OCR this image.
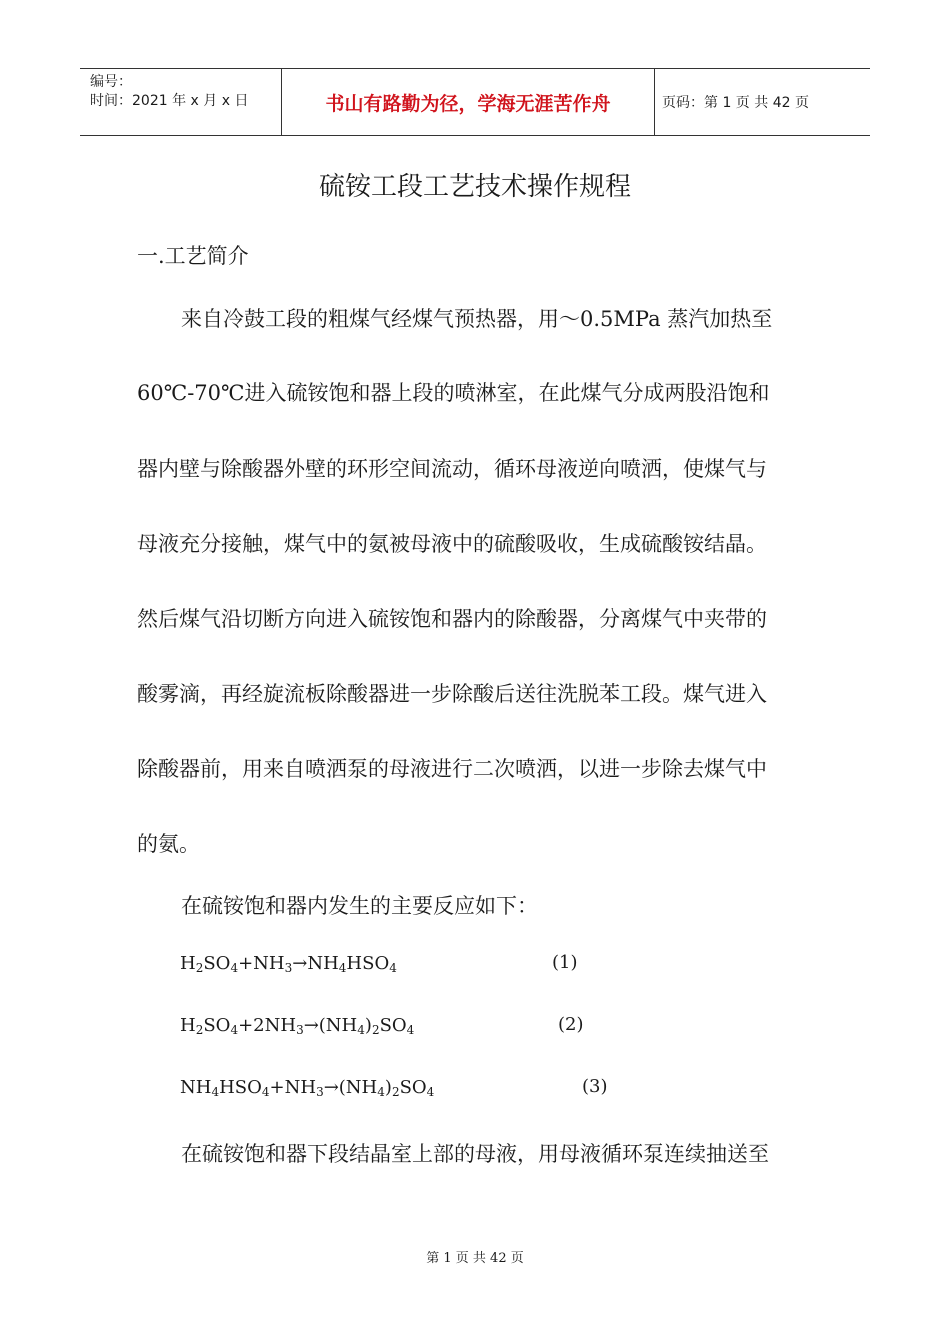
编号：
时间：2021 年 x 月 x 日	书山有路勤为径，学海无涯苦作舟	页码：第 1 页 共 42 页
硫铵工段工艺技术操作规程
一.工艺简介
来自冷鼓工段的粗煤气经煤气预热器，用～0.5MPa 蒸汽加热至
60℃-70℃进入硫铵饱和器上段的喷淋室，在此煤气分成两股沿饱和
器内壁与除酸器外壁的环形空间流动，循环母液逆向喷洒，使煤气与
母液充分接触，煤气中的氨被母液中的硫酸吸收，生成硫酸铵结晶。
然后煤气沿切断方向进入硫铵饱和器内的除酸器，分离煤气中夹带的
酸雾滴，再经旋流板除酸器进一步除酸后送往洗脱苯工段。煤气进入
除酸器前，用来自喷洒泵的母液进行二次喷洒，以进一步除去煤气中
的氨。
在硫铵饱和器内发生的主要反应如下：
$H_2SO_4+NH_3\to NH_4HSO_4$	(1)
$H_2SO_4+2NH_3\to(NH_4)_2SO_4$	(2)
$NH_4HSO_4+NH_3\to(NH_4)_2SO_4$	(3)
在硫铵饱和器下段结晶室上部的母液，用母液循环泵连续抽送至
第 1 页 共 42 页
